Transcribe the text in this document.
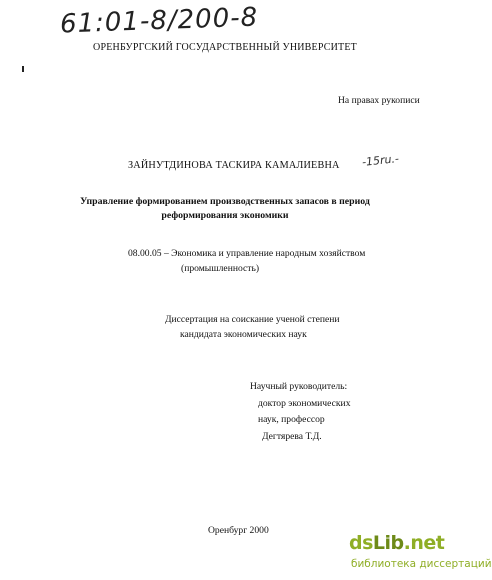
61:01-8/200-8
ОРЕНБУРГСКИЙ ГОСУДАРСТВЕННЫЙ УНИВЕРСИТЕТ
На правах рукописи
ЗАЙНУТДИНОВА ТАСКИРА КАМАЛИЕВНА -15ru.-
Управление формированием производственных запасов в период
реформирования экономики
08.00.05 – Экономика и управление народным хозяйством
(промышленность)
Диссертация на соискание ученой степени
кандидата экономических наук
Научный руководитель:
доктор экономических
наук, профессор
Дегтярева Т.Д.
Оренбург 2000
dsLib.net
библиотека диссертаций
